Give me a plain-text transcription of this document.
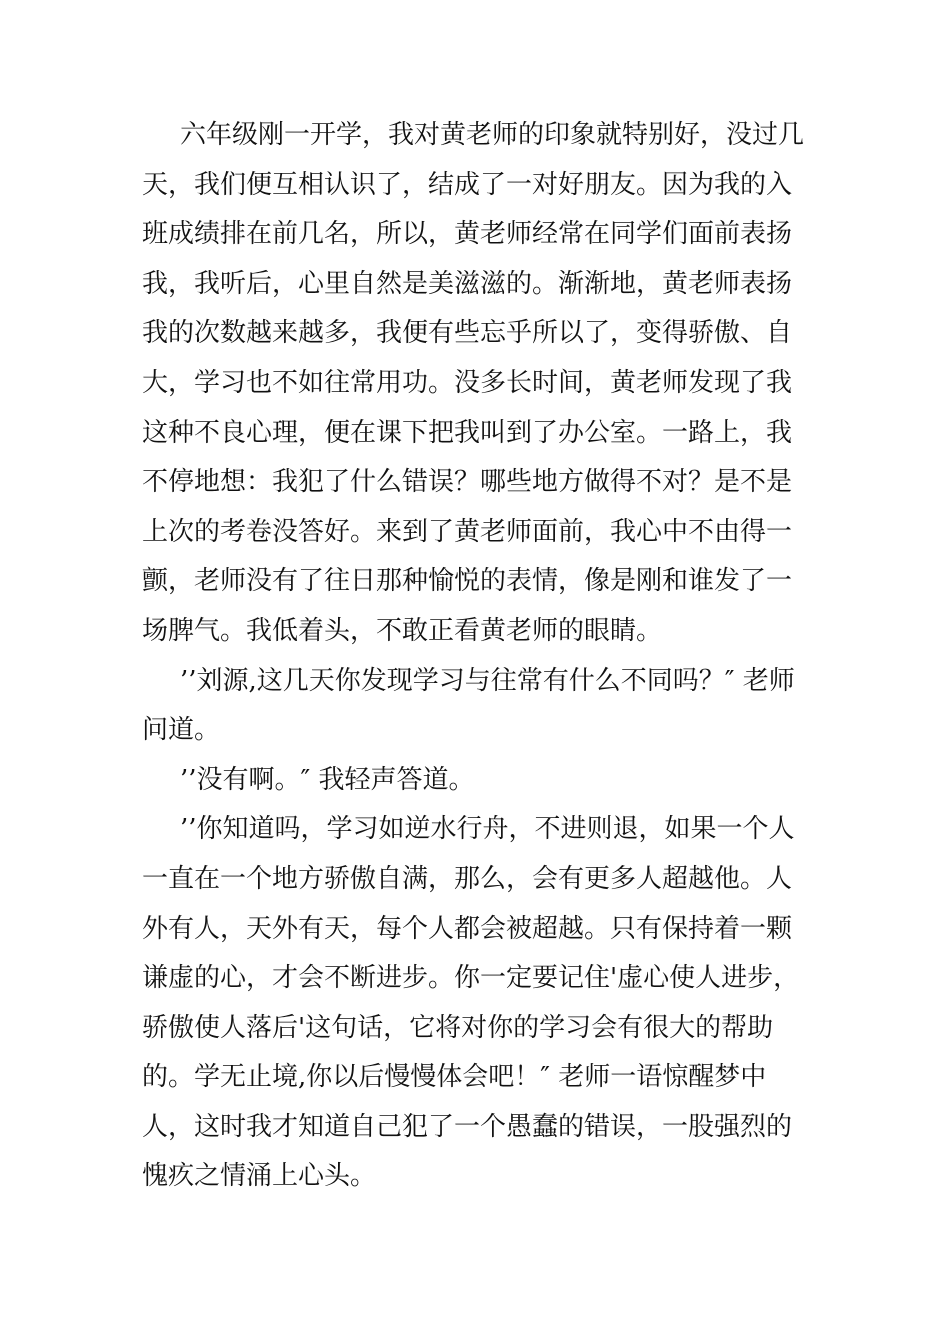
六年级刚一开学，我对黄老师的印象就特别好，没过几天，我们便互相认识了，结成了一对好朋友。因为我的入班成绩排在前几名，所以，黄老师经常在同学们面前表扬我，我听后，心里自然是美滋滋的。渐渐地，黄老师表扬我的次数越来越多，我便有些忘乎所以了，变得骄傲、自大，学习也不如往常用功。没多长时间，黄老师发现了我这种不良心理，便在课下把我叫到了办公室。一路上，我不停地想：我犯了什么错误？哪些地方做得不对？是不是上次的考卷没答好。来到了黄老师面前，我心中不由得一颤，老师没有了往日那种愉悦的表情，像是刚和谁发了一场脾气。我低着头，不敢正看黄老师的眼睛。

’’刘源,这几天你发现学习与往常有什么不同吗？″ 老师问道。

’’没有啊。″ 我轻声答道。

’’你知道吗，学习如逆水行舟，不进则退，如果一个人一直在一个地方骄傲自满，那么，会有更多人超越他。人外有人，天外有天，每个人都会被超越。只有保持着一颗谦虚的心，才会不断进步。你一定要记住'虚心使人进步，骄傲使人落后'这句话，它将对你的学习会有很大的帮助的。学无止境,你以后慢慢体会吧！″ 老师一语惊醒梦中人，这时我才知道自己犯了一个愚蠢的错误，一股强烈的愧疚之情涌上心头。
